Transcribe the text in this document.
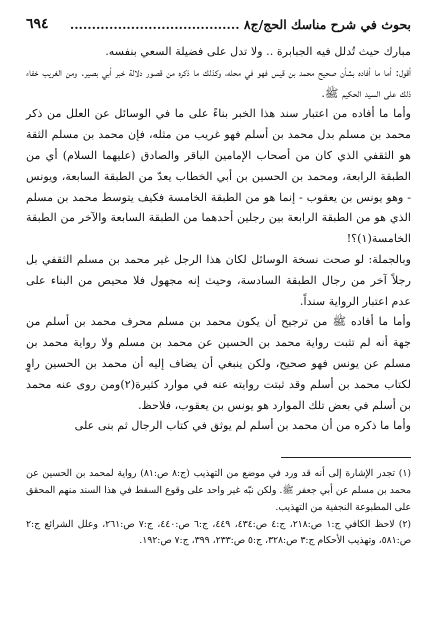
بحوث في شرح مناسك الحج/ج٨ .......................................
٦٩٤

مبارك حيث تُدلل فيه الجبابرة .. ولا تدل على فضيلة السعي بنفسه.

أقول: أما ما أفاده بشأن صحيح محمد بن قيس فهو في محله، وكذلك ما ذكره من قصور دلالة خبر أبي بصير. ومن الغريب خفاء ذلك على السيد الحكيم ﷺ.

وأما ما أفاده من اعتبار سند هذا الخبر بناءً على ما في الوسائل عن العلل من ذكر محمد بن مسلم بدل محمد بن أسلم فهو غريب من مثله، فإن محمد بن مسلم الثقة هو الثقفي الذي كان من أصحاب الإمامين الباقر والصادق (عليهما السلام) أي من الطبقة الرابعة، ومحمد بن الحسين بن أبي الخطاب يعدّ من الطبقة السابعة، ويونس - وهو يونس بن يعقوب - إنما هو من الطبقة الخامسة فكيف يتوسط محمد بن مسلم الذي هو من الطبقة الرابعة بين رجلين أحدهما من الطبقة السابعة والآخر من الطبقة الخامسة(١)؟!

وبالجملة: لو صحت نسخة الوسائل لكان هذا الرجل غير محمد بن مسلم الثقفي بل رجلاً آخر من رجال الطبقة السادسة، وحيث إنه مجهول فلا محيص من البناء على عدم اعتبار الرواية سنداً.

وأما ما أفاده ﷺ من ترجيح أن يكون محمد بن مسلم محرف محمد بن أسلم من جهة أنه لم تثبت رواية محمد بن الحسين عن محمد بن مسلم ولا رواية محمد بن مسلم عن يونس فهو صحيح، ولكن ينبغي أن يضاف إليه أن محمد بن الحسين راوٍ لكتاب محمد بن أسلم وقد ثبتت روايته عنه في موارد كثيرة(٢)ومن روى عنه محمد بن أسلم في بعض تلك الموارد هو يونس بن يعقوب، فلاحظ.

وأما ما ذكره من أن محمد بن أسلم لم يوثق في كتاب الرجال ثم بنى على

(١) تجدر الإشارة إلى أنه قد ورد في موضع من التهذيب (ج:٨ ص:٨١) رواية لمحمد بن الحسين عن محمد بن مسلم عن أبي جعفر ﷺ. ولكن نبّه غير واحد على وقوع السقط في هذا السند منهم المحقق على المطبوعة النجفية من التهذيب.

(٢) لاحظ الكافي ج:١ ص:٢١٨، ج:٤ ص:٤٣٤، ٤٤٩، ج:٦ ص:٤٤٠، ج:٧ ص:٢٦١، وعلل الشرائع ج:٢ ص:٥٨١، وتهذيب الأحكام ج:٣ ص:٣٢٨، ج:٥ ص:٢٣٣، ٣٩٩، ج:٧ ص:١٩٢.
